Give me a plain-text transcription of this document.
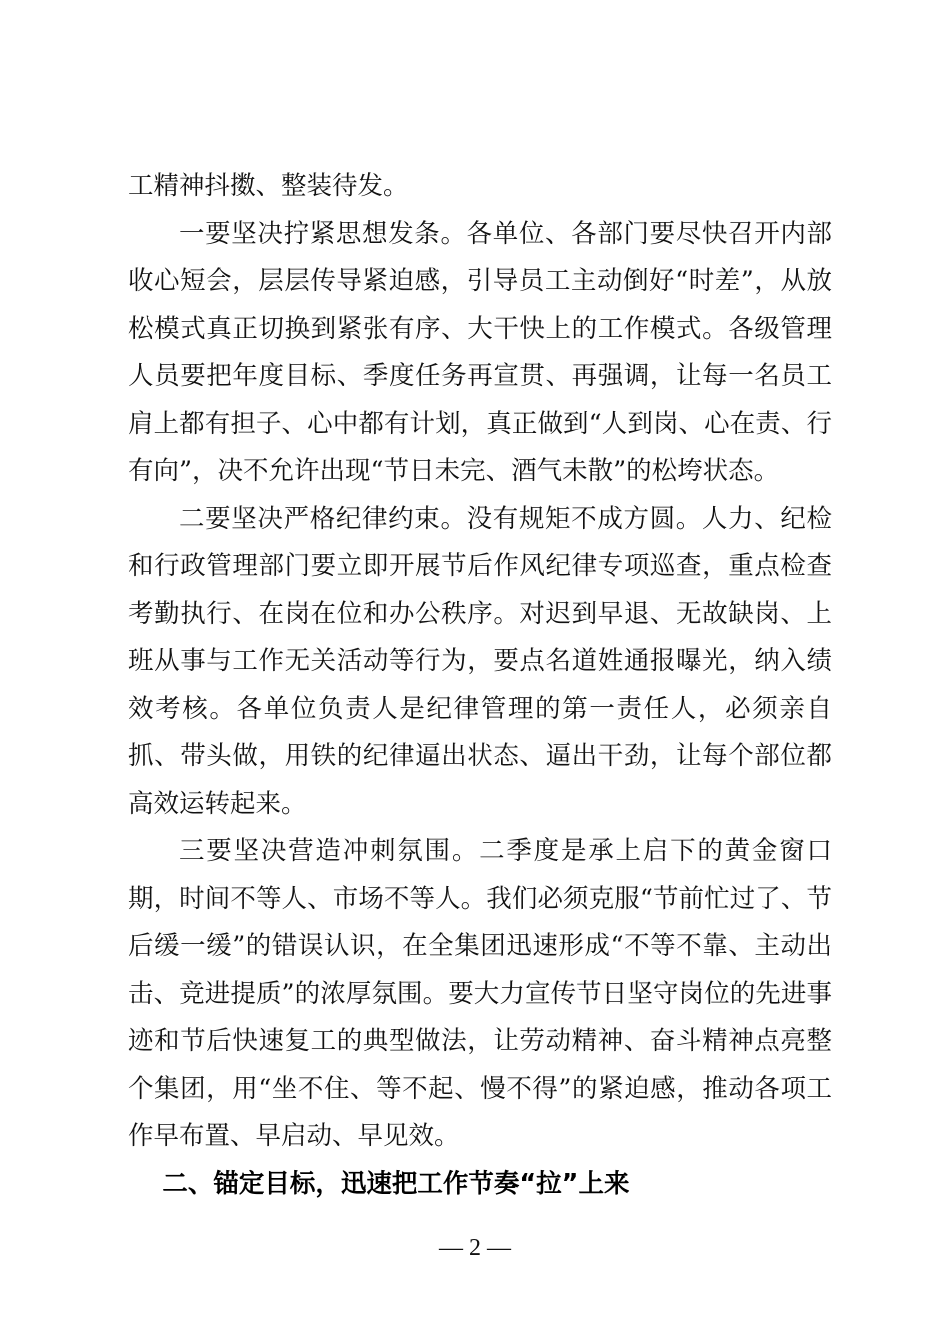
工精神抖擞、整装待发。

一要坚决拧紧思想发条。各单位、各部门要尽快召开内部收心短会，层层传导紧迫感，引导员工主动倒好“时差”，从放松模式真正切换到紧张有序、大干快上的工作模式。各级管理人员要把年度目标、季度任务再宣贯、再强调，让每一名员工肩上都有担子、心中都有计划，真正做到“人到岗、心在责、行有向”，决不允许出现“节日未完、酒气未散”的松垮状态。

二要坚决严格纪律约束。没有规矩不成方圆。人力、纪检和行政管理部门要立即开展节后作风纪律专项巡查，重点检查考勤执行、在岗在位和办公秩序。对迟到早退、无故缺岗、上班从事与工作无关活动等行为，要点名道姓通报曝光，纳入绩效考核。各单位负责人是纪律管理的第一责任人，必须亲自抓、带头做，用铁的纪律逼出状态、逼出干劲，让每个部位都高效运转起来。

三要坚决营造冲刺氛围。二季度是承上启下的黄金窗口期，时间不等人、市场不等人。我们必须克服“节前忙过了、节后缓一缓”的错误认识，在全集团迅速形成“不等不靠、主动出击、竞进提质”的浓厚氛围。要大力宣传节日坚守岗位的先进事迹和节后快速复工的典型做法，让劳动精神、奋斗精神点亮整个集团，用“坐不住、等不起、慢不得”的紧迫感，推动各项工作早布置、早启动、早见效。

二、锚定目标，迅速把工作节奏“拉”上来

— 2 —
